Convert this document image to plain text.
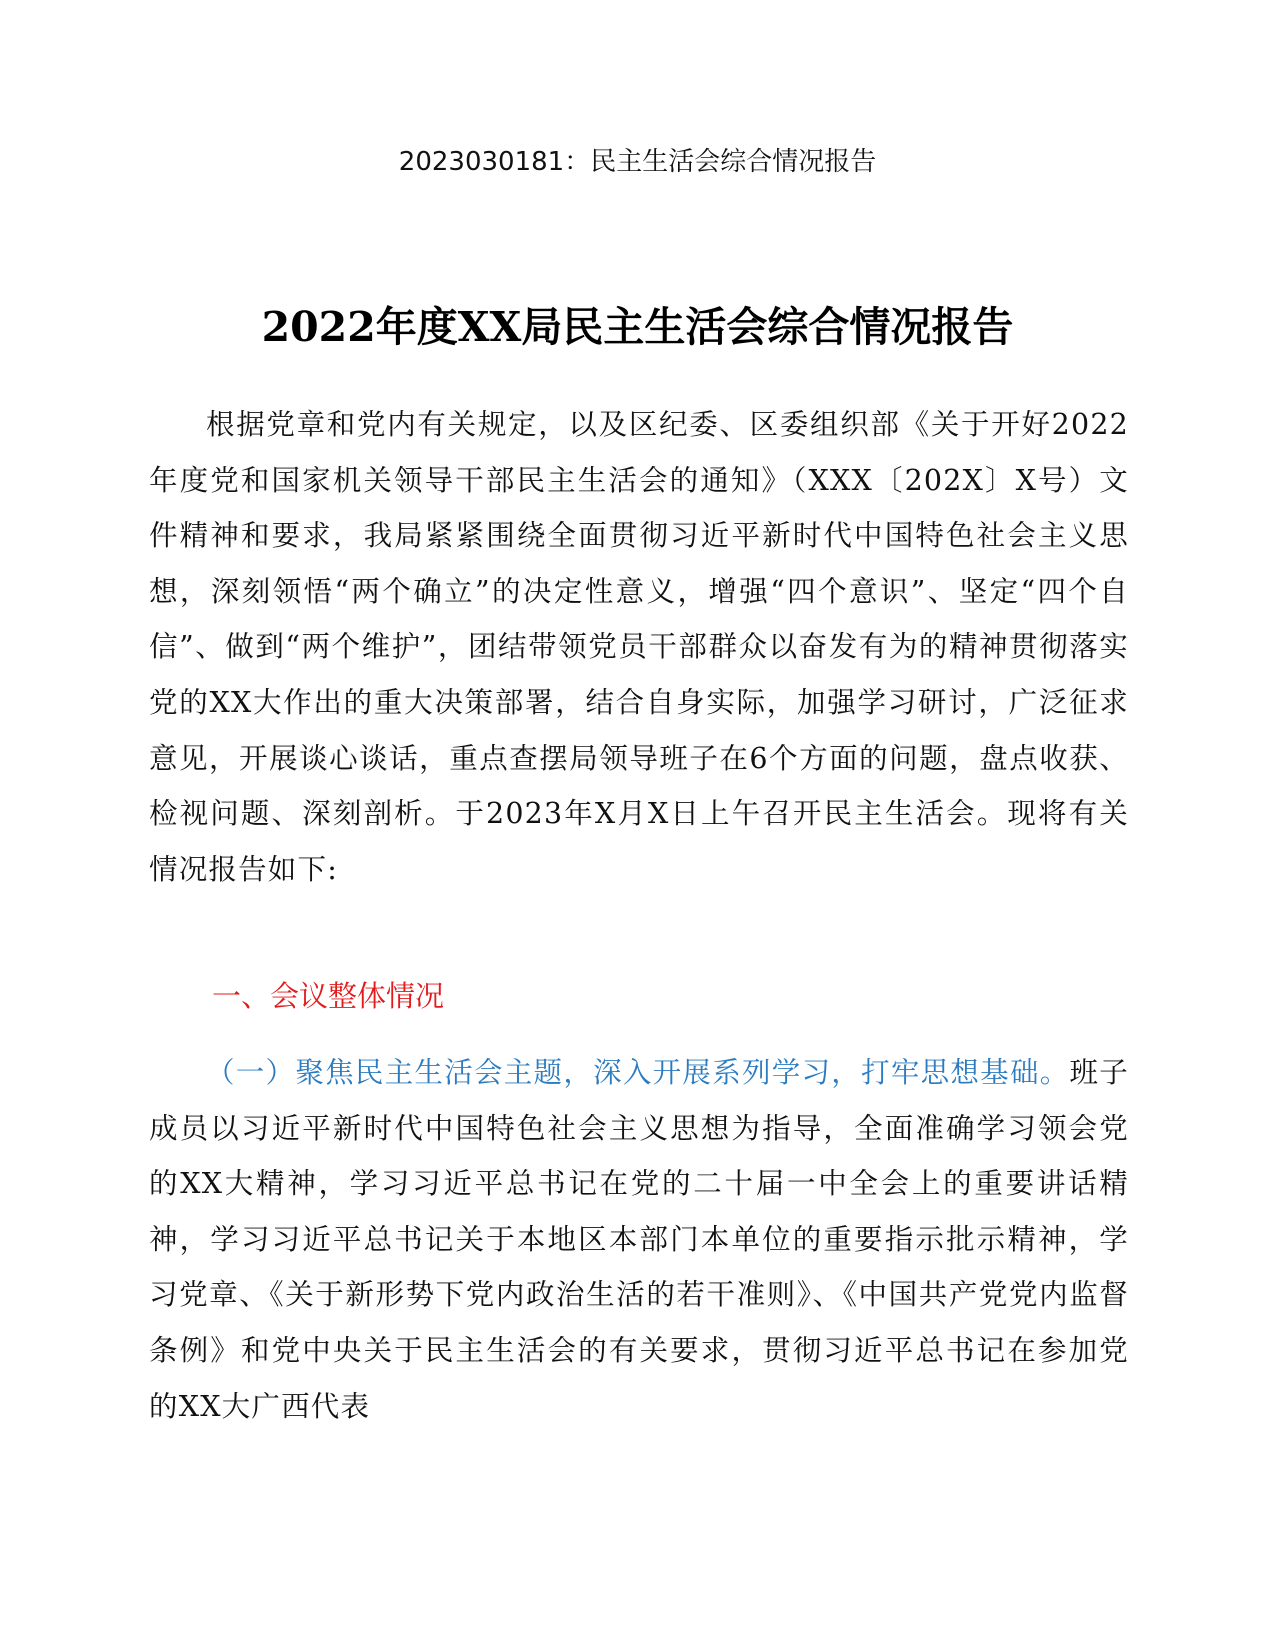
2023030181：民主生活会综合情况报告
2022年度XX局民主生活会综合情况报告

根据党章和党内有关规定，以及区纪委、区委组织部《关于开好2022年度党和国家机关领导干部民主生活会的通知》（XXX〔202X〕X号）文件精神和要求，我局紧紧围绕全面贯彻习近平新时代中国特色社会主义思想，深刻领悟“两个确立”的决定性意义，增强“四个意识”、坚定“四个自信”、做到“两个维护”，团结带领党员干部群众以奋发有为的精神贯彻落实党的XX大作出的重大决策部署，结合自身实际，加强学习研讨，广泛征求意见，开展谈心谈话，重点查摆局领导班子在6个方面的问题，盘点收获、检视问题、深刻剖析。于2023年X月X日上午召开民主生活会。现将有关情况报告如下:

一、会议整体情况

（一）聚焦民主生活会主题，深入开展系列学习，打牢思想基础。班子成员以习近平新时代中国特色社会主义思想为指导，全面准确学习领会党的XX大精神，学习习近平总书记在党的二十届一中全会上的重要讲话精神，学习习近平总书记关于本地区本部门本单位的重要指示批示精神，学习党章、《关于新形势下党内政治生活的若干准则》、《中国共产党党内监督条例》和党中央关于民主生活会的有关要求，贯彻习近平总书记在参加党的XX大广西代表
